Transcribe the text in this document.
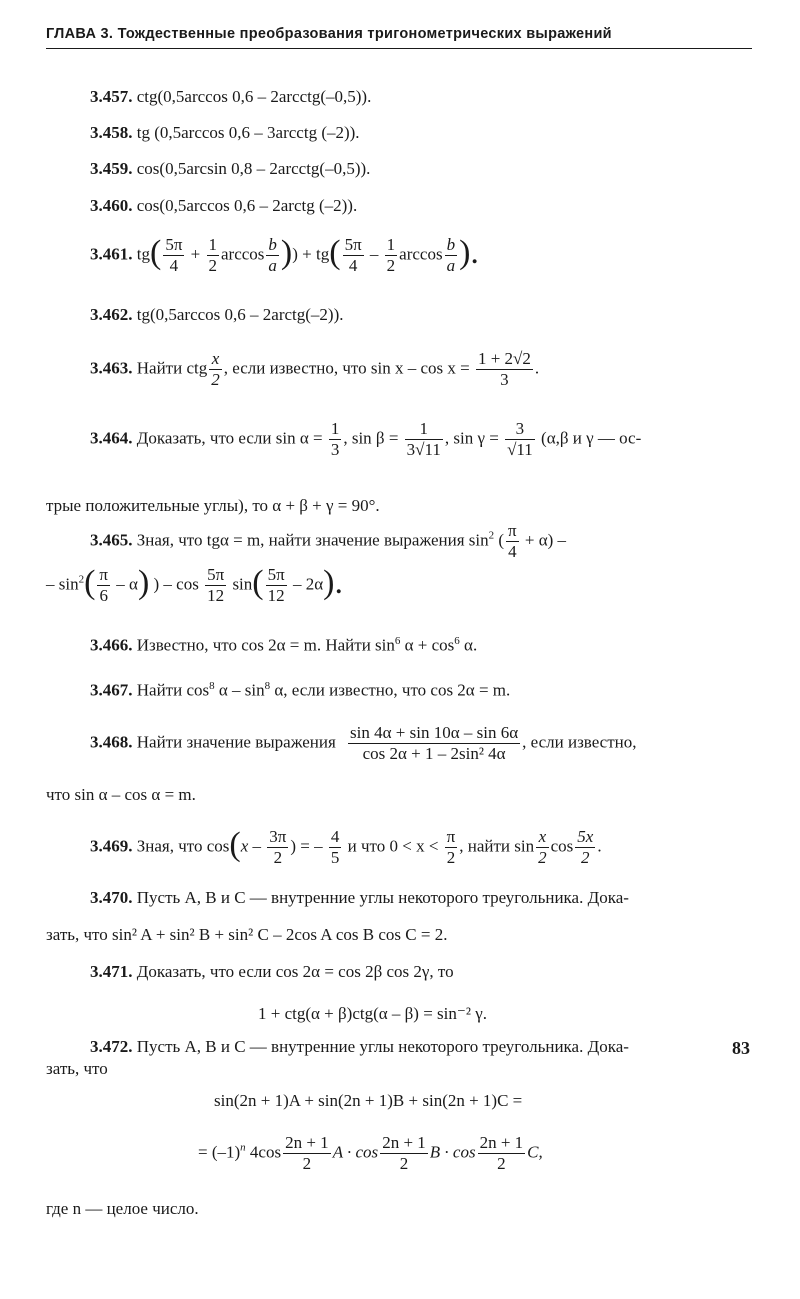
ГЛАВА 3. Тождественные преобразования тригонометрических выражений
3.457. ctg(0,5arccos 0,6 – 2arcctg(–0,5)).
3.458. tg (0,5arccos 0,6 – 3arcctg (–2)).
3.459. cos(0,5arcsin 0,8 – 2arcctg(–0,5)).
3.460. cos(0,5arccos 0,6 – 2arctg (–2)).
3.461. $tg( \frac{5\pi}{4} + \frac{1}{2}$ $\arccos \frac{b}{a}$ )) + $tg( \frac{5\pi}{4} - \frac{1}{2}$ $\arccos \frac{b}{a}$ ).
3.462. tg(0,5arccos 0,6 – 2arctg(–2)).
3.463. Найти ctg $\frac{x}{2}$ , если известно, что $\sin x - \cos x = \frac{1 + 2√2}{3}$ .
3.464. Доказать, что если $\sin \alpha = \frac{1}{3}$ , $\sin \beta = \frac{1}{3√11}$ , $\sin \gamma = \frac{3}{√11} (\alpha,\beta$ и γ — ос-
трые положительные углы), то α + β + γ = 90°.
3.465. Зная, что tgα = m, найти значение выражения $\sin^2$ ( $\frac{\pi}{4} + \alpha$) –
– $\sin^2( \frac{\pi}{6} - \alpha)$ ) – $\cos \frac{5\pi}{12} \sin( \frac{5\pi}{12} - 2\alpha)$.
3.466. Известно, что cos 2α = m. Найти $\sin^6 \alpha + \cos^6 \alpha$.
3.467. Найти $\cos^8 \alpha - \sin^8 \alpha$, если известно, что cos 2α = m.
3.468. Найти значение выражения $\frac{\sin 4\alpha + \sin 10\alpha - \sin 6\alpha}{\text{cos 2α + 1 – 2sin² 4α}}$ , если известно,
что sin α – cos α = m.
3.469. Зная, что $\cos(x - \frac{3\pi}{2}$ ) = – $\frac{4}{5}$ и что $0 < x < \frac{\pi}{2}$ , найти $\sin \frac{x}{2}$ $\cos \frac{5x}{2}$ .
3.470. Пусть A, B и C — внутренние углы некоторого треугольника. Дока-
зать, что sin² A + sin² B + sin² C – 2cos A cos B cos C = 2.
3.471. Доказать, что если cos 2α = cos 2β cos 2γ, то
1 + ctg(α + β)ctg(α – β) = sin⁻² γ.
3.472. Пусть A, B и C — внутренние углы некоторого треугольника. Дока-
зать, что
sin(2n + 1)A + sin(2n + 1)B + sin(2n + 1)C =
= $(-1)^n$ $4\cos \frac{2n + 1}{2}$ $A \cdot \cos \frac{2n + 1}{2}$ $B \cdot \cos \frac{2n + 1}{2} C$,
где n — целое число.
83
